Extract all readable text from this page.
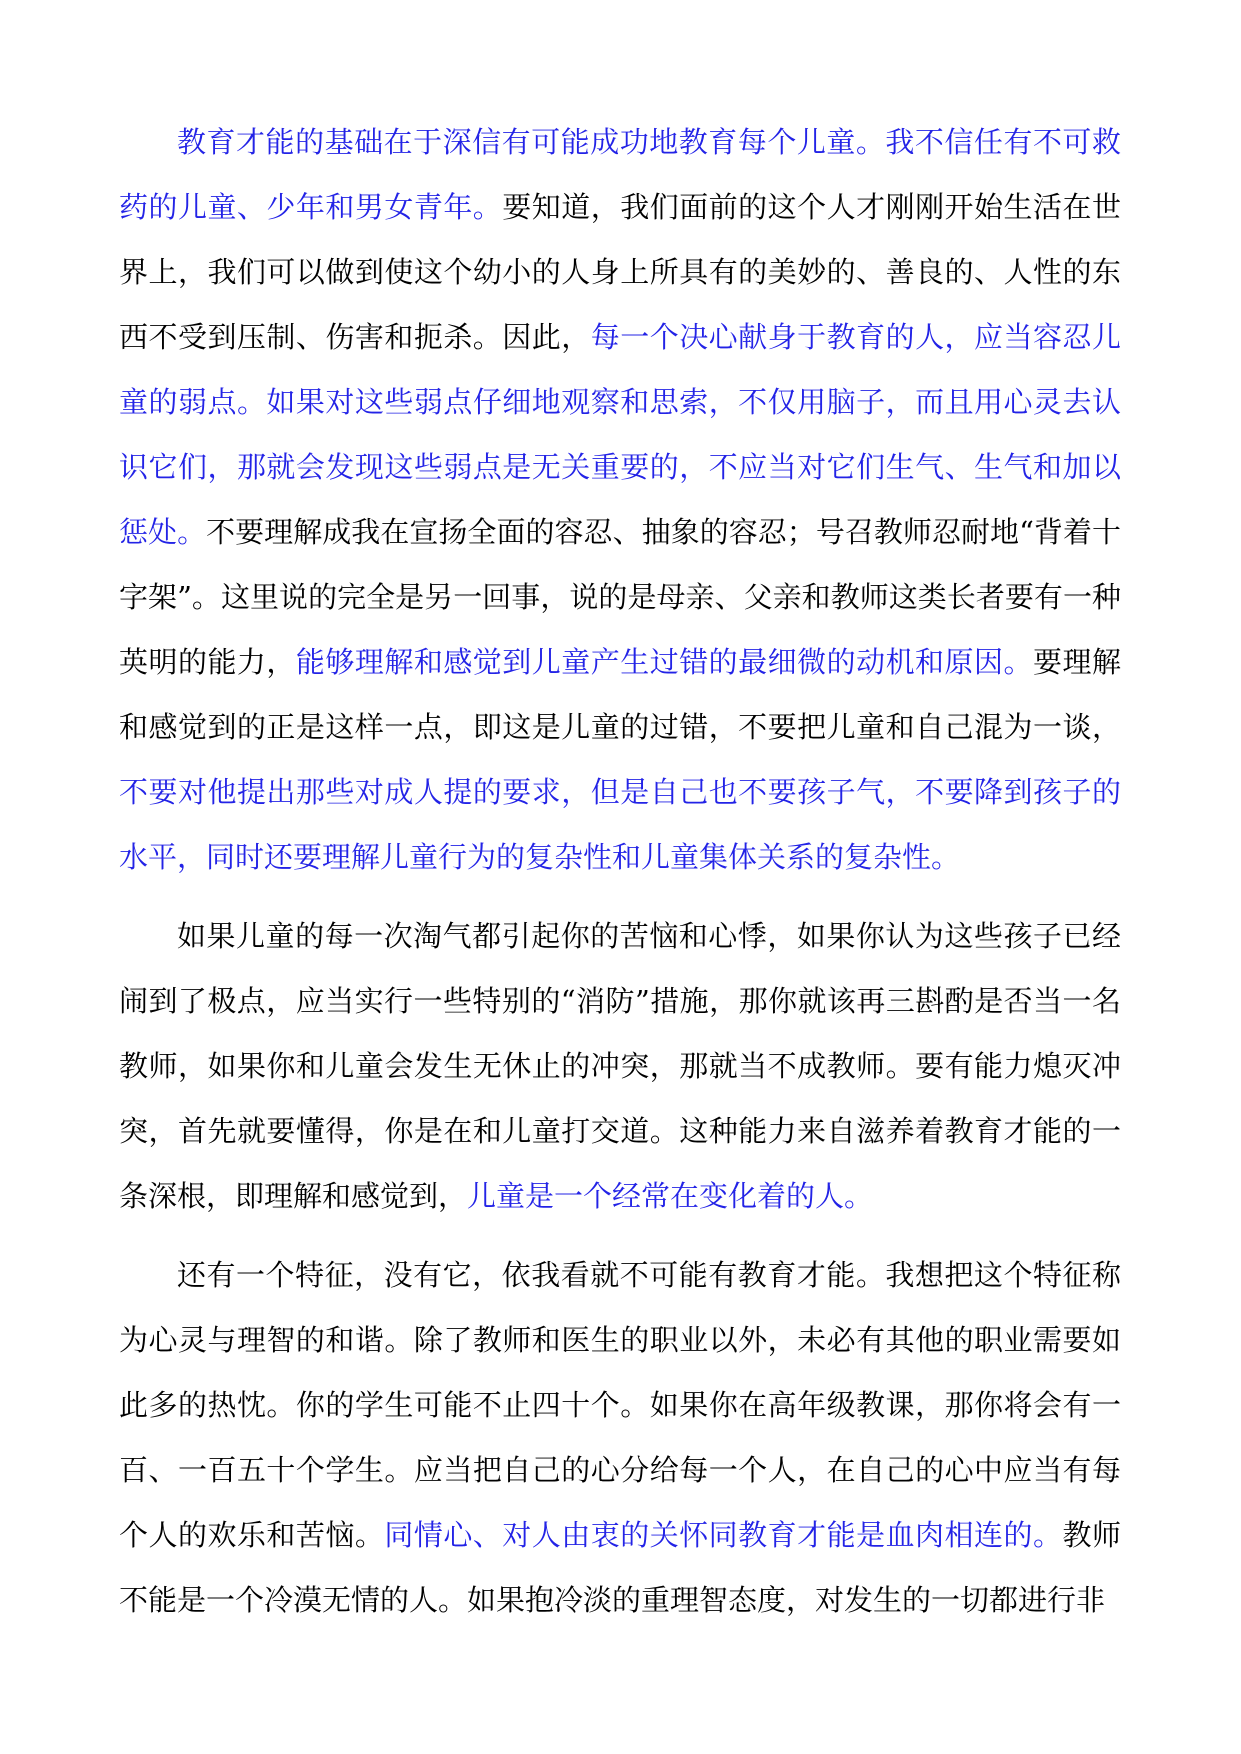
教育才能的基础在于深信有可能成功地教育每个儿童。我不信任有不可救药的儿童、少年和男女青年。要知道，我们面前的这个人才刚刚开始生活在世界上，我们可以做到使这个幼小的人身上所具有的美妙的、善良的、人性的东西不受到压制、伤害和扼杀。因此，每一个决心献身于教育的人，应当容忍儿童的弱点。如果对这些弱点仔细地观察和思索，不仅用脑子，而且用心灵去认识它们，那就会发现这些弱点是无关重要的，不应当对它们生气、生气和加以惩处。不要理解成我在宣扬全面的容忍、抽象的容忍；号召教师忍耐地“背着十字架”。这里说的完全是另一回事，说的是母亲、父亲和教师这类长者要有一种英明的能力，能够理解和感觉到儿童产生过错的最细微的动机和原因。要理解和感觉到的正是这样一点，即这是儿童的过错，不要把儿童和自己混为一谈，不要对他提出那些对成人提的要求，但是自己也不要孩子气，不要降到孩子的水平，同时还要理解儿童行为的复杂性和儿童集体关系的复杂性。

如果儿童的每一次淘气都引起你的苦恼和心悸，如果你认为这些孩子已经闹到了极点，应当实行一些特别的“消防”措施，那你就该再三斟酌是否当一名教师，如果你和儿童会发生无休止的冲突，那就当不成教师。要有能力熄灭冲突，首先就要懂得，你是在和儿童打交道。这种能力来自滋养着教育才能的一条深根，即理解和感觉到，儿童是一个经常在变化着的人。

还有一个特征，没有它，依我看就不可能有教育才能。我想把这个特征称为心灵与理智的和谐。除了教师和医生的职业以外，未必有其他的职业需要如此多的热忱。你的学生可能不止四十个。如果你在高年级教课，那你将会有一百、一百五十个学生。应当把自己的心分给每一个人，在自己的心中应当有每个人的欢乐和苦恼。同情心、对人由衷的关怀同教育才能是血肉相连的。教师不能是一个冷漠无情的人。如果抱冷淡的重理智态度，对发生的一切都进行非
